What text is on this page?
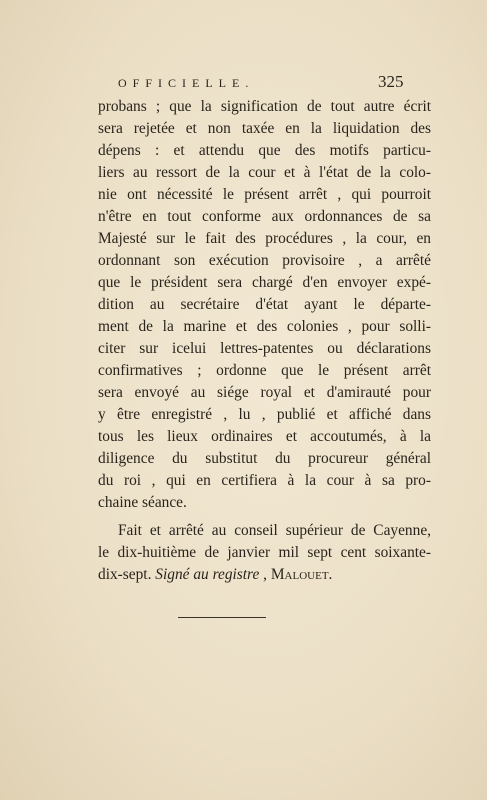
OFFICIELLE.	325
probans ; que la signification de tout autre écrit
sera rejetée et non taxée en la liquidation des
dépens : et attendu que des motifs particu-
liers au ressort de la cour et à l'état de la colo-
nie ont nécessité le présent arrêt , qui pourroit
n'être en tout conforme aux ordonnances de sa
Majesté sur le fait des procédures , la cour, en
ordonnant son exécution provisoire , a arrêté
que le président sera chargé d'en envoyer expé-
dition au secrétaire d'état ayant le départe-
ment de la marine et des colonies , pour solli-
citer sur icelui lettres-patentes ou déclarations
confirmatives ; ordonne que le présent arrêt
sera envoyé au siége royal et d'amirauté pour
y être enregistré , lu , publié et affiché dans
tous les lieux ordinaires et accoutumés, à la
diligence du substitut du procureur général
du roi , qui en certifiera à la cour à sa pro-
chaine séance.
Fait et arrêté au conseil supérieur de Cayenne,
le dix-huitième de janvier mil sept cent soixante-
dix-sept. Signé au registre , Malouet.
